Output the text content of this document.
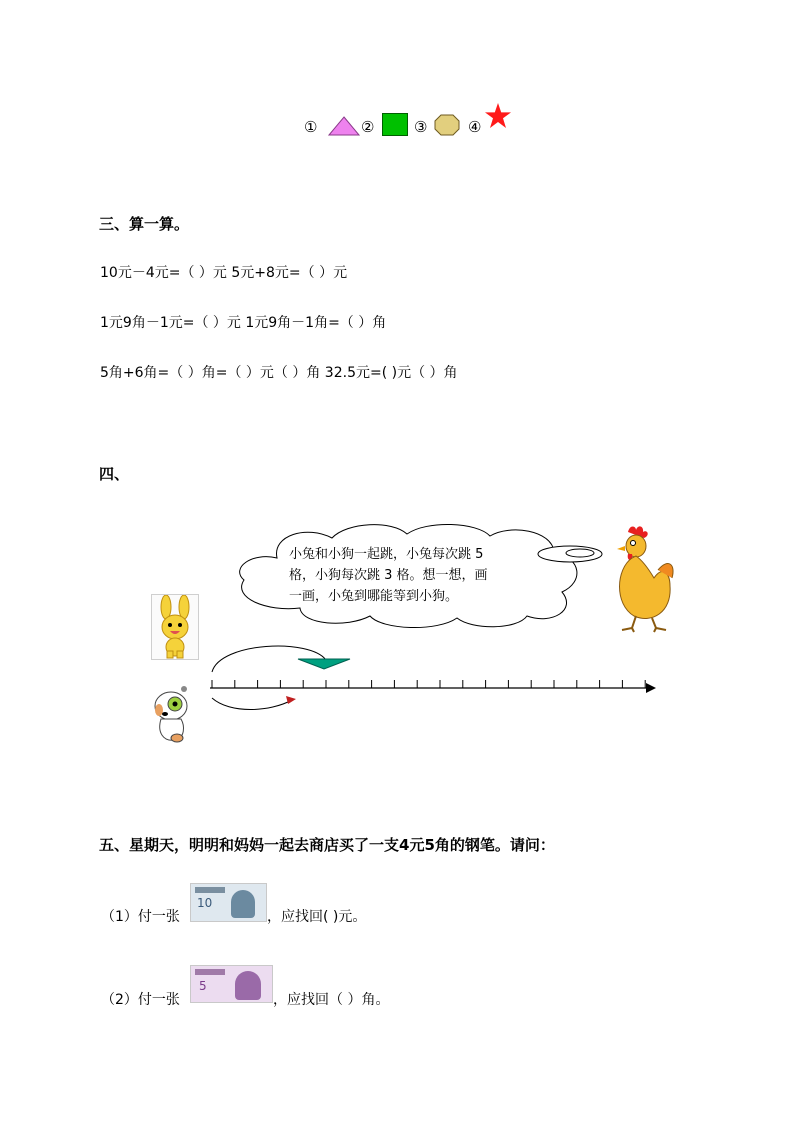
①	②	③	④
三、算一算。
10元－4元=（ ）元 5元+8元=（ ）元
1元9角－1元=（ ）元 1元9角－1角=（ ）角
5角+6角=（ ）角=（ ）元（ ）角 32.5元=( )元（ ）角
四、
小兔和小狗一起跳，小兔每次跳 5
格，小狗每次跳 3 格。想一想，画
一画，小兔到哪能等到小狗。
五、星期天，明明和妈妈一起去商店买了一支4元5角的钢笔。请问：
（1）付一张
10
，应找回( )元。
（2）付一张
5
，应找回（ ）角。
